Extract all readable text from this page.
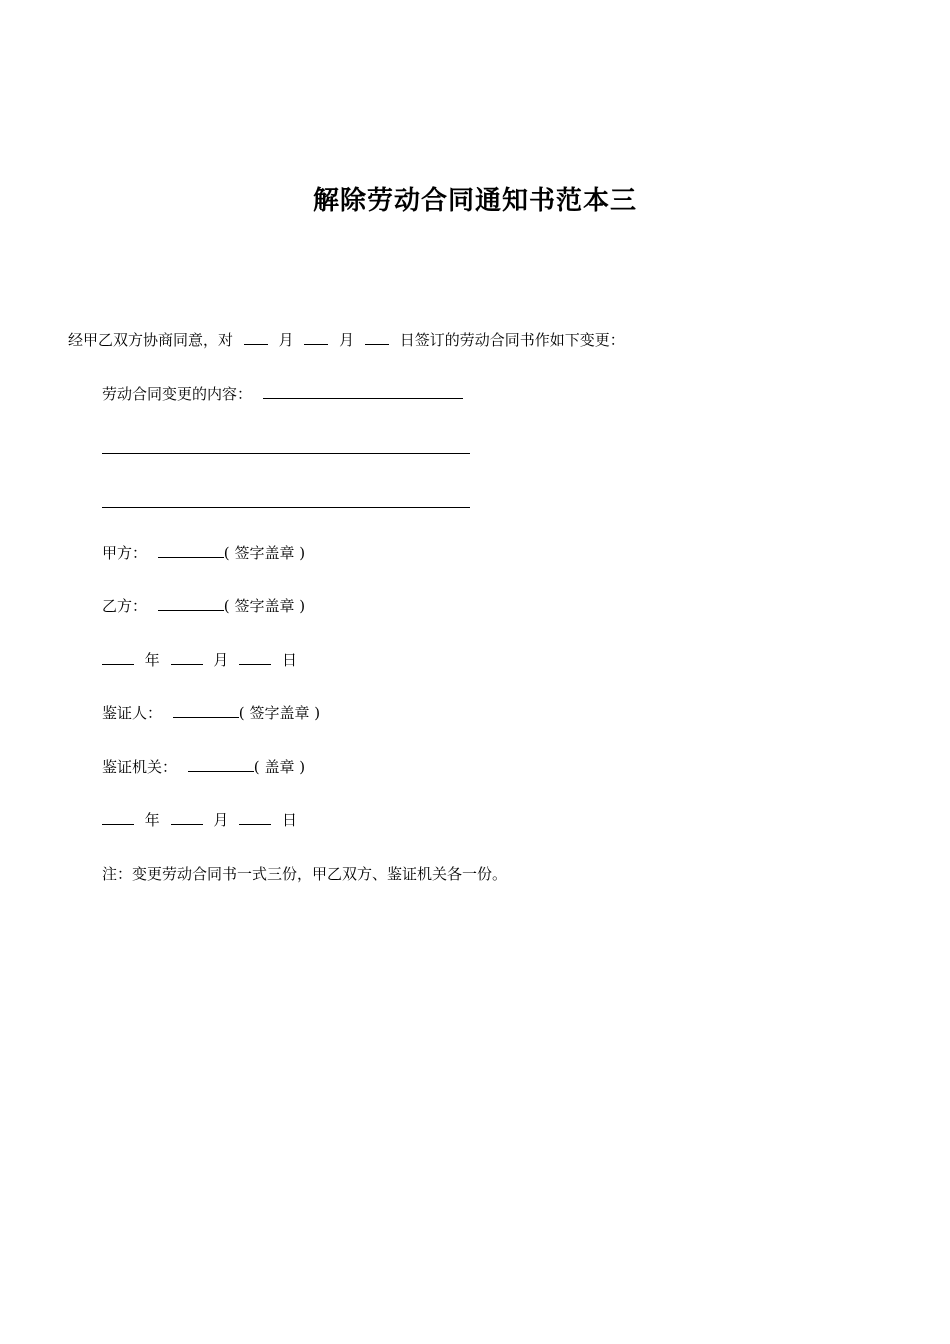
解除劳动合同通知书范本三
经甲乙双方协商同意，对	月	月	日签订的劳动合同书作如下变更：
劳动合同变更的内容：
甲方：	( 签字盖章 )
乙方：	( 签字盖章 )
年	月	日
鉴证人：	( 签字盖章 )
鉴证机关：	( 盖章 )
年	月	日
注：变更劳动合同书一式三份，甲乙双方、鉴证机关各一份。
